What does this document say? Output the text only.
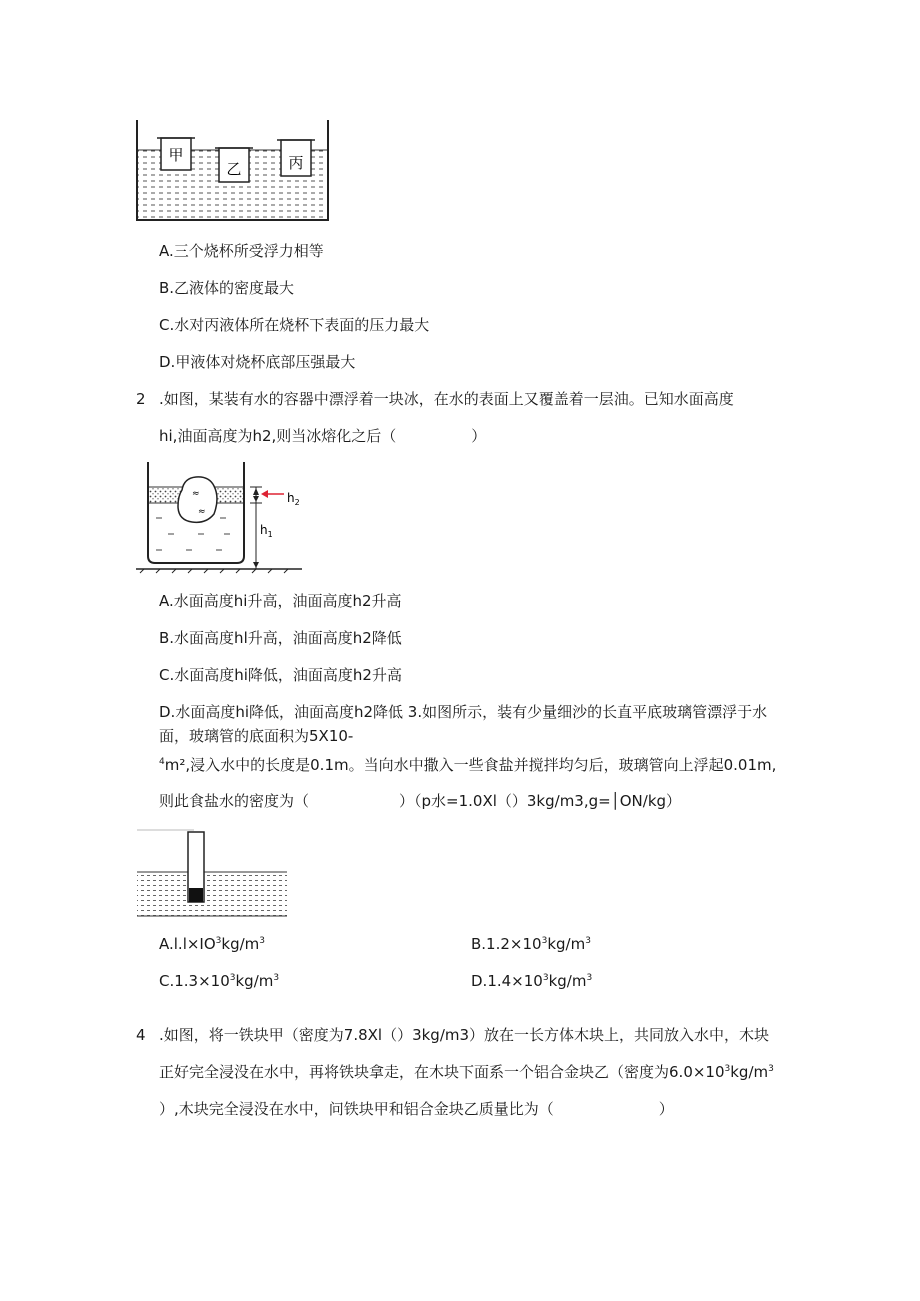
甲
乙	丙
A.三个烧杯所受浮力相等
B.乙液体的密度最大
C.水对丙液体所在烧杯下表面的压力最大
D.甲液体对烧杯底部压强最大
2 .如图，某装有水的容器中漂浮着一块冰，在水的表面上又覆盖着一层油。已知水面高度
hi,油面高度为h2,则当冰熔化之后（　　　　　）
≈
≈
$h_2$
$h_1$
A.水面高度hi升高，油面高度h2升高
B.水面高度hl升高，油面高度h2降低
C.水面高度hi降低，油面高度h2升高
D.水面高度hi降低，油面高度h2降低 3.如图所示，装有少量细沙的长直平底玻璃管漂浮于水
面，玻璃管的底面积为5X10-
$^4$m²,浸入水中的长度是0.1m。当向水中撒入一些食盐并搅拌均匀后，玻璃管向上浮起0.01m,
则此食盐水的密度为（　　　　　　）（p水=1.0Xl（）3kg∕m3,g=│ON∕kg）
$A.l.l\times IO^3kg∕m^3$	$B.1.2\times 10^3kg∕m^3$
$C.1.3\times 10^3kg∕m^3$	$D.1.4\times 10^3kg∕m^3$
4 .如图，将一铁块甲（密度为7.8Xl（）3kg∕m3）放在一长方体木块上，共同放入水中，木块
正好完全浸没在水中，再将铁块拿走，在木块下面系一个铝合金块乙（密度为$6.0\times 10^3kg∕m^3$
）,木块完全浸没在水中，问铁块甲和铝合金块乙质量比为（　　　　　　　）
